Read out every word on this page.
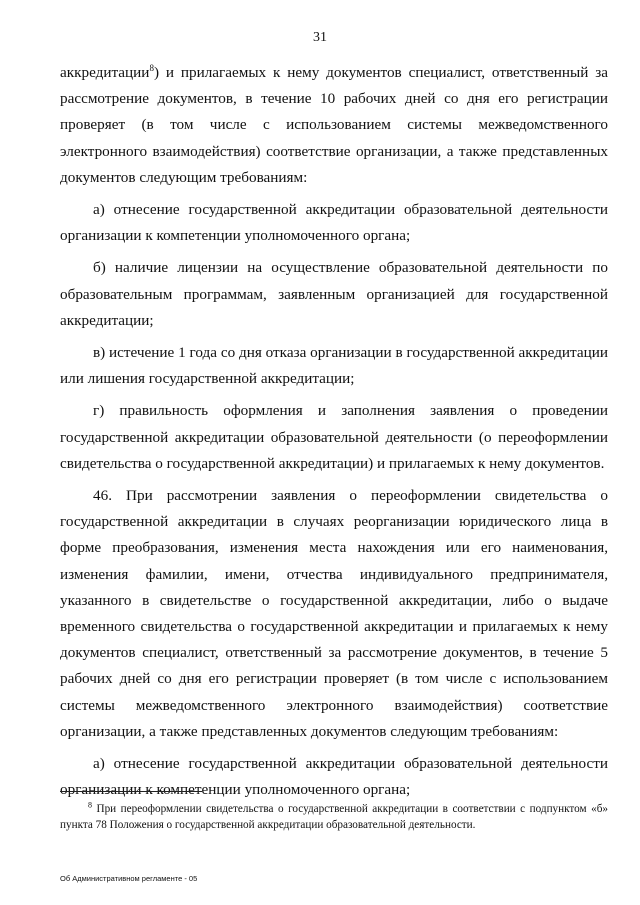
31

аккредитации$^8$) и прилагаемых к нему документов специалист, ответственный за рассмотрение документов, в течение 10 рабочих дней со дня его регистрации проверяет (в том числе с использованием системы межведомственного электронного взаимодействия) соответствие организации, а также представленных документов следующим требованиям:

а) отнесение государственной аккредитации образовательной деятельности организации к компетенции уполномоченного органа;

б) наличие лицензии на осуществление образовательной деятельности по образовательным программам, заявленным организацией для государственной аккредитации;

в) истечение 1 года со дня отказа организации в государственной аккредитации или лишения государственной аккредитации;

г) правильность оформления и заполнения заявления о проведении государственной аккредитации образовательной деятельности (о переоформлении свидетельства о государственной аккредитации) и прилагаемых к нему документов.

46. При рассмотрении заявления о переоформлении свидетельства о государственной аккредитации в случаях реорганизации юридического лица в форме преобразования, изменения места нахождения или его наименования, изменения фамилии, имени, отчества индивидуального предпринимателя, указанного в свидетельстве о государственной аккредитации, либо о выдаче временного свидетельства о государственной аккредитации и прилагаемых к нему документов специалист, ответственный за рассмотрение документов, в течение 5 рабочих дней со дня его регистрации проверяет (в том числе с использованием системы межведомственного электронного взаимодействия) соответствие организации, а также представленных документов следующим требованиям:

а) отнесение государственной аккредитации образовательной деятельности организации к компетенции уполномоченного органа;

$^8$ При переоформлении свидетельства о государственной аккредитации в соответствии с подпунктом «б» пункта 78 Положения о государственной аккредитации образовательной деятельности.
Об Административном регламенте - 05
